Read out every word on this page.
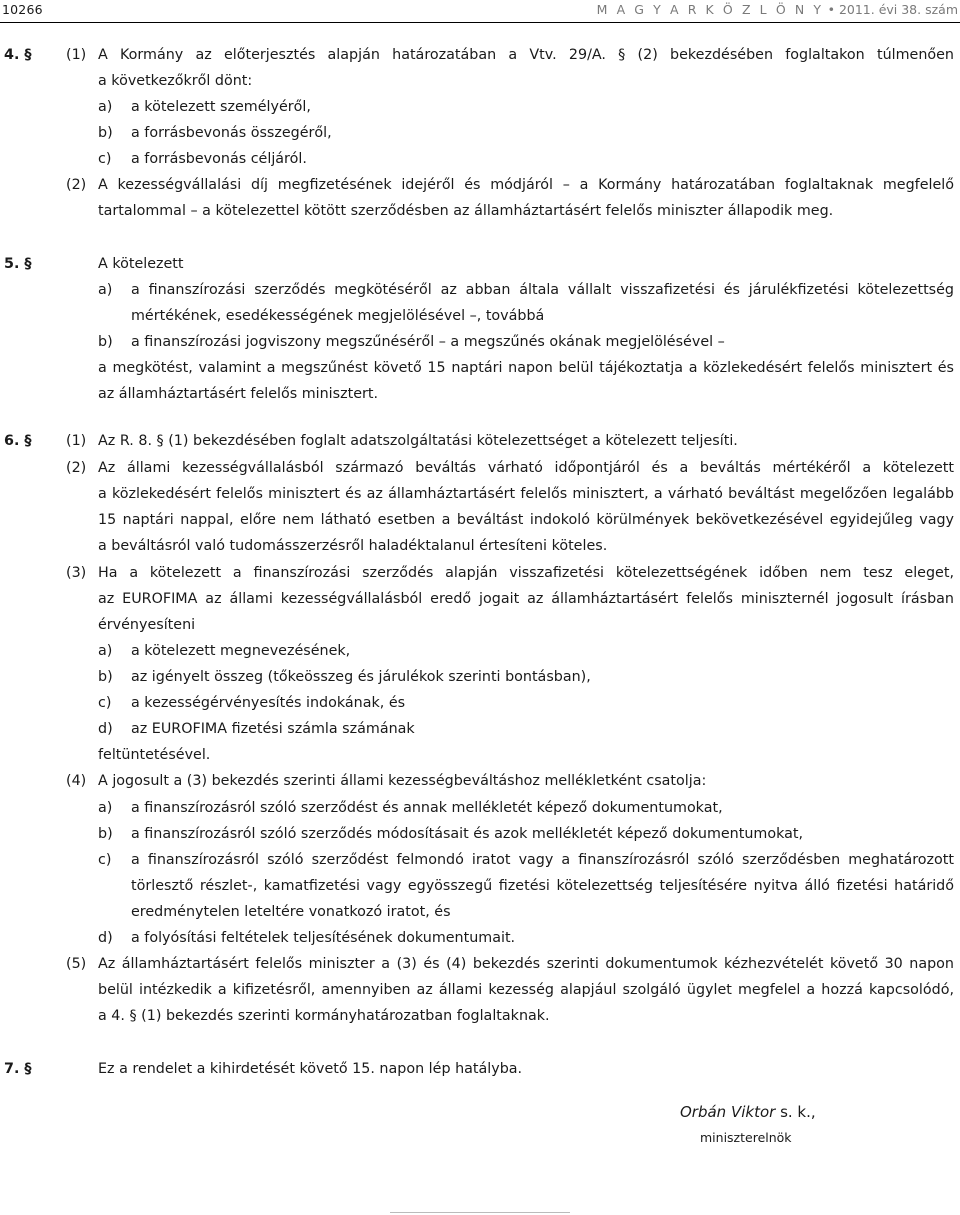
10266	M A G Y A R K Ö Z L Ö N Y • 2011. évi 38. szám
4. § (1) A Kormány az előterjesztés alapján határozatában a Vtv. 29/A. § (2) bekezdésében foglaltakon túlmenően
a következőkről dönt:
a) a kötelezett személyéről,
b) a forrásbevonás összegéről,
c) a forrásbevonás céljáról.
(2) A kezességvállalási díj megfizetésének idejéről és módjáról – a Kormány határozatában foglaltaknak megfelelő
tartalommal – a kötelezettel kötött szerződésben az államháztartásért felelős miniszter állapodik meg.
5. §	A kötelezett
a) a finanszírozási szerződés megkötéséről az abban általa vállalt visszafizetési és járulékfizetési kötelezettség
mértékének, esedékességének megjelölésével –, továbbá
b) a finanszírozási jogviszony megszűnéséről – a megszűnés okának megjelölésével –
a megkötést, valamint a megszűnést követő 15 naptári napon belül tájékoztatja a közlekedésért felelős minisztert és
az államháztartásért felelős minisztert.
6. § (1) Az R. 8. § (1) bekezdésében foglalt adatszolgáltatási kötelezettséget a kötelezett teljesíti.
(2) Az állami kezességvállalásból származó beváltás várható időpontjáról és a beváltás mértékéről a kötelezett
a közlekedésért felelős minisztert és az államháztartásért felelős minisztert, a várható beváltást megelőzően legalább
15 naptári nappal, előre nem látható esetben a beváltást indokoló körülmények bekövetkezésével egyidejűleg vagy
a beváltásról való tudomásszerzésről haladéktalanul értesíteni köteles.
(3) Ha a kötelezett a finanszírozási szerződés alapján visszafizetési kötelezettségének időben nem tesz eleget,
az EUROFIMA az állami kezességvállalásból eredő jogait az államháztartásért felelős miniszternél jogosult írásban
érvényesíteni
a) a kötelezett megnevezésének,
b) az igényelt összeg (tőkeösszeg és járulékok szerinti bontásban),
c) a kezességérvényesítés indokának, és
d) az EUROFIMA fizetési számla számának
feltüntetésével.
(4) A jogosult a (3) bekezdés szerinti állami kezességbeváltáshoz mellékletként csatolja:
a) a finanszírozásról szóló szerződést és annak mellékletét képező dokumentumokat,
b) a finanszírozásról szóló szerződés módosításait és azok mellékletét képező dokumentumokat,
c) a finanszírozásról szóló szerződést felmondó iratot vagy a finanszírozásról szóló szerződésben meghatározott
törlesztő részlet-, kamatfizetési vagy egyösszegű fizetési kötelezettség teljesítésére nyitva álló fizetési határidő
eredménytelen leteltére vonatkozó iratot, és
d) a folyósítási feltételek teljesítésének dokumentumait.
(5) Az államháztartásért felelős miniszter a (3) és (4) bekezdés szerinti dokumentumok kézhezvételét követő 30 napon
belül intézkedik a kifizetésről, amennyiben az állami kezesség alapjául szolgáló ügylet megfelel a hozzá kapcsolódó,
a 4. § (1) bekezdés szerinti kormányhatározatban foglaltaknak.
7. §	Ez a rendelet a kihirdetését követő 15. napon lép hatályba.
Orbán Viktor s. k.,
miniszterelnök
